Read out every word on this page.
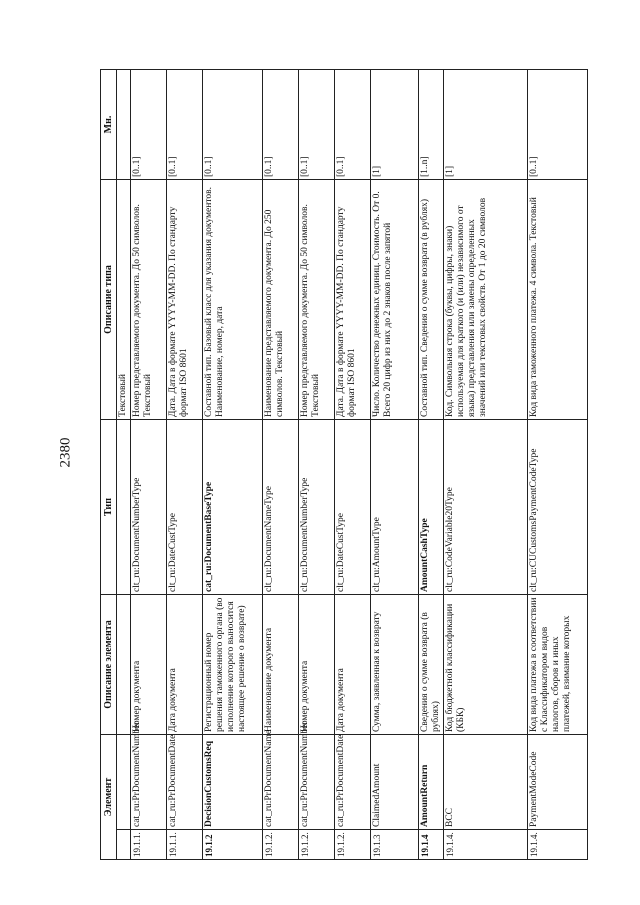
2380
Элемент		Описание элемента	Тип	Описание типа	Мн.
				Текстовый	
19.1.1.	cat_ru:PrDocumentNumber	Номер документа	clt_ru:DocumentNumberType	Номер представляемого документа. До 50 символов. Текстовый	[0..1]
19.1.1.	cat_ru:PrDocumentDate	Дата документа	clt_ru:DateCustType	Дата. Дата в формате YYYY-MM-DD. По стандарту формат ISO 8601	[0..1]
19.1.2	DecisionCustomsReq	Регистрационный номер решения таможенного органа (во исполнение которого выносится настоящее решение о возврате)	cat_ru:DocumentBaseType	Составной тип. Базовый класс для указания документов. Наименование, номер, дата	[0..1]
19.1.2.	cat_ru:PrDocumentName	Наименование документа	clt_ru:DocumentNameType	Наименование представляемого документа. До 250 символов. Текстовый	[0..1]
19.1.2.	cat_ru:PrDocumentNumber	Номер документа	clt_ru:DocumentNumberType	Номер представляемого документа. До 50 символов. Текстовый	[0..1]
19.1.2.	cat_ru:PrDocumentDate	Дата документа	clt_ru:DateCustType	Дата. Дата в формате YYYY-MM-DD. По стандарту формат ISO 8601	[0..1]
19.1.3	ClaimedAmount	Сумма, заявленная к возврату	clt_ru:AmountType	Число. Количество денежных единиц. Стоимость. От 0. Всего 20 цифр из них до 2 знаков после запятой	[1]
19.1.4	AmountReturn	Сведения о сумме возврата (в рублях)	AmountCashType	Составной тип. Сведения о сумме возврата (в рублях)	[1..n]
19.1.4.	BCC	Код бюджетной классификации (КБК)	clt_ru:CodeVariable20Type	Код. Символьная строка (буквы, цифры, знаки) используемая для краткого (и (или) независимого от языка) представления или замены определенных значений или текстовых свойств. От 1 до 20 символов	[1]
19.1.4.	PaymentModeCode	Код вида платежа в соответствии с Классификатором видов налогов, сборов и иных платежей, взимание которых	clt_ru:CUCustomsPaymentCodeType	Код вида таможенного платежа. 4 символа. Текстовый	[0..1]
